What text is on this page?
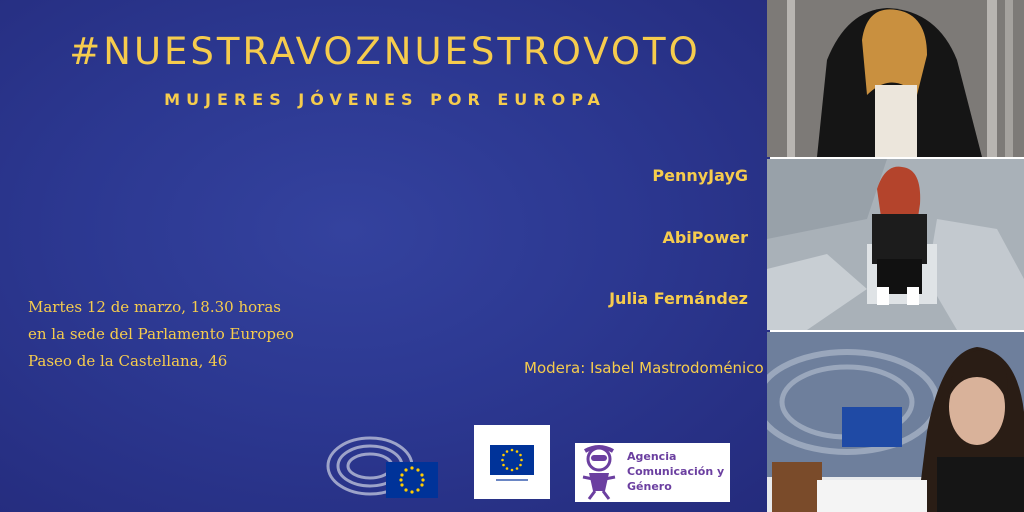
#NUESTRAVOZNUESTROVOTO
MUJERES JÓVENES POR EUROPA
PennyJayG
AbiPower
Julia Fernández
Modera: Isabel Mastrodoménico
Martes 12 de marzo, 18.30 horas
en la sede del Parlamento Europeo
Paseo de la Castellana, 46
Agencia
Comunicación y
Género
